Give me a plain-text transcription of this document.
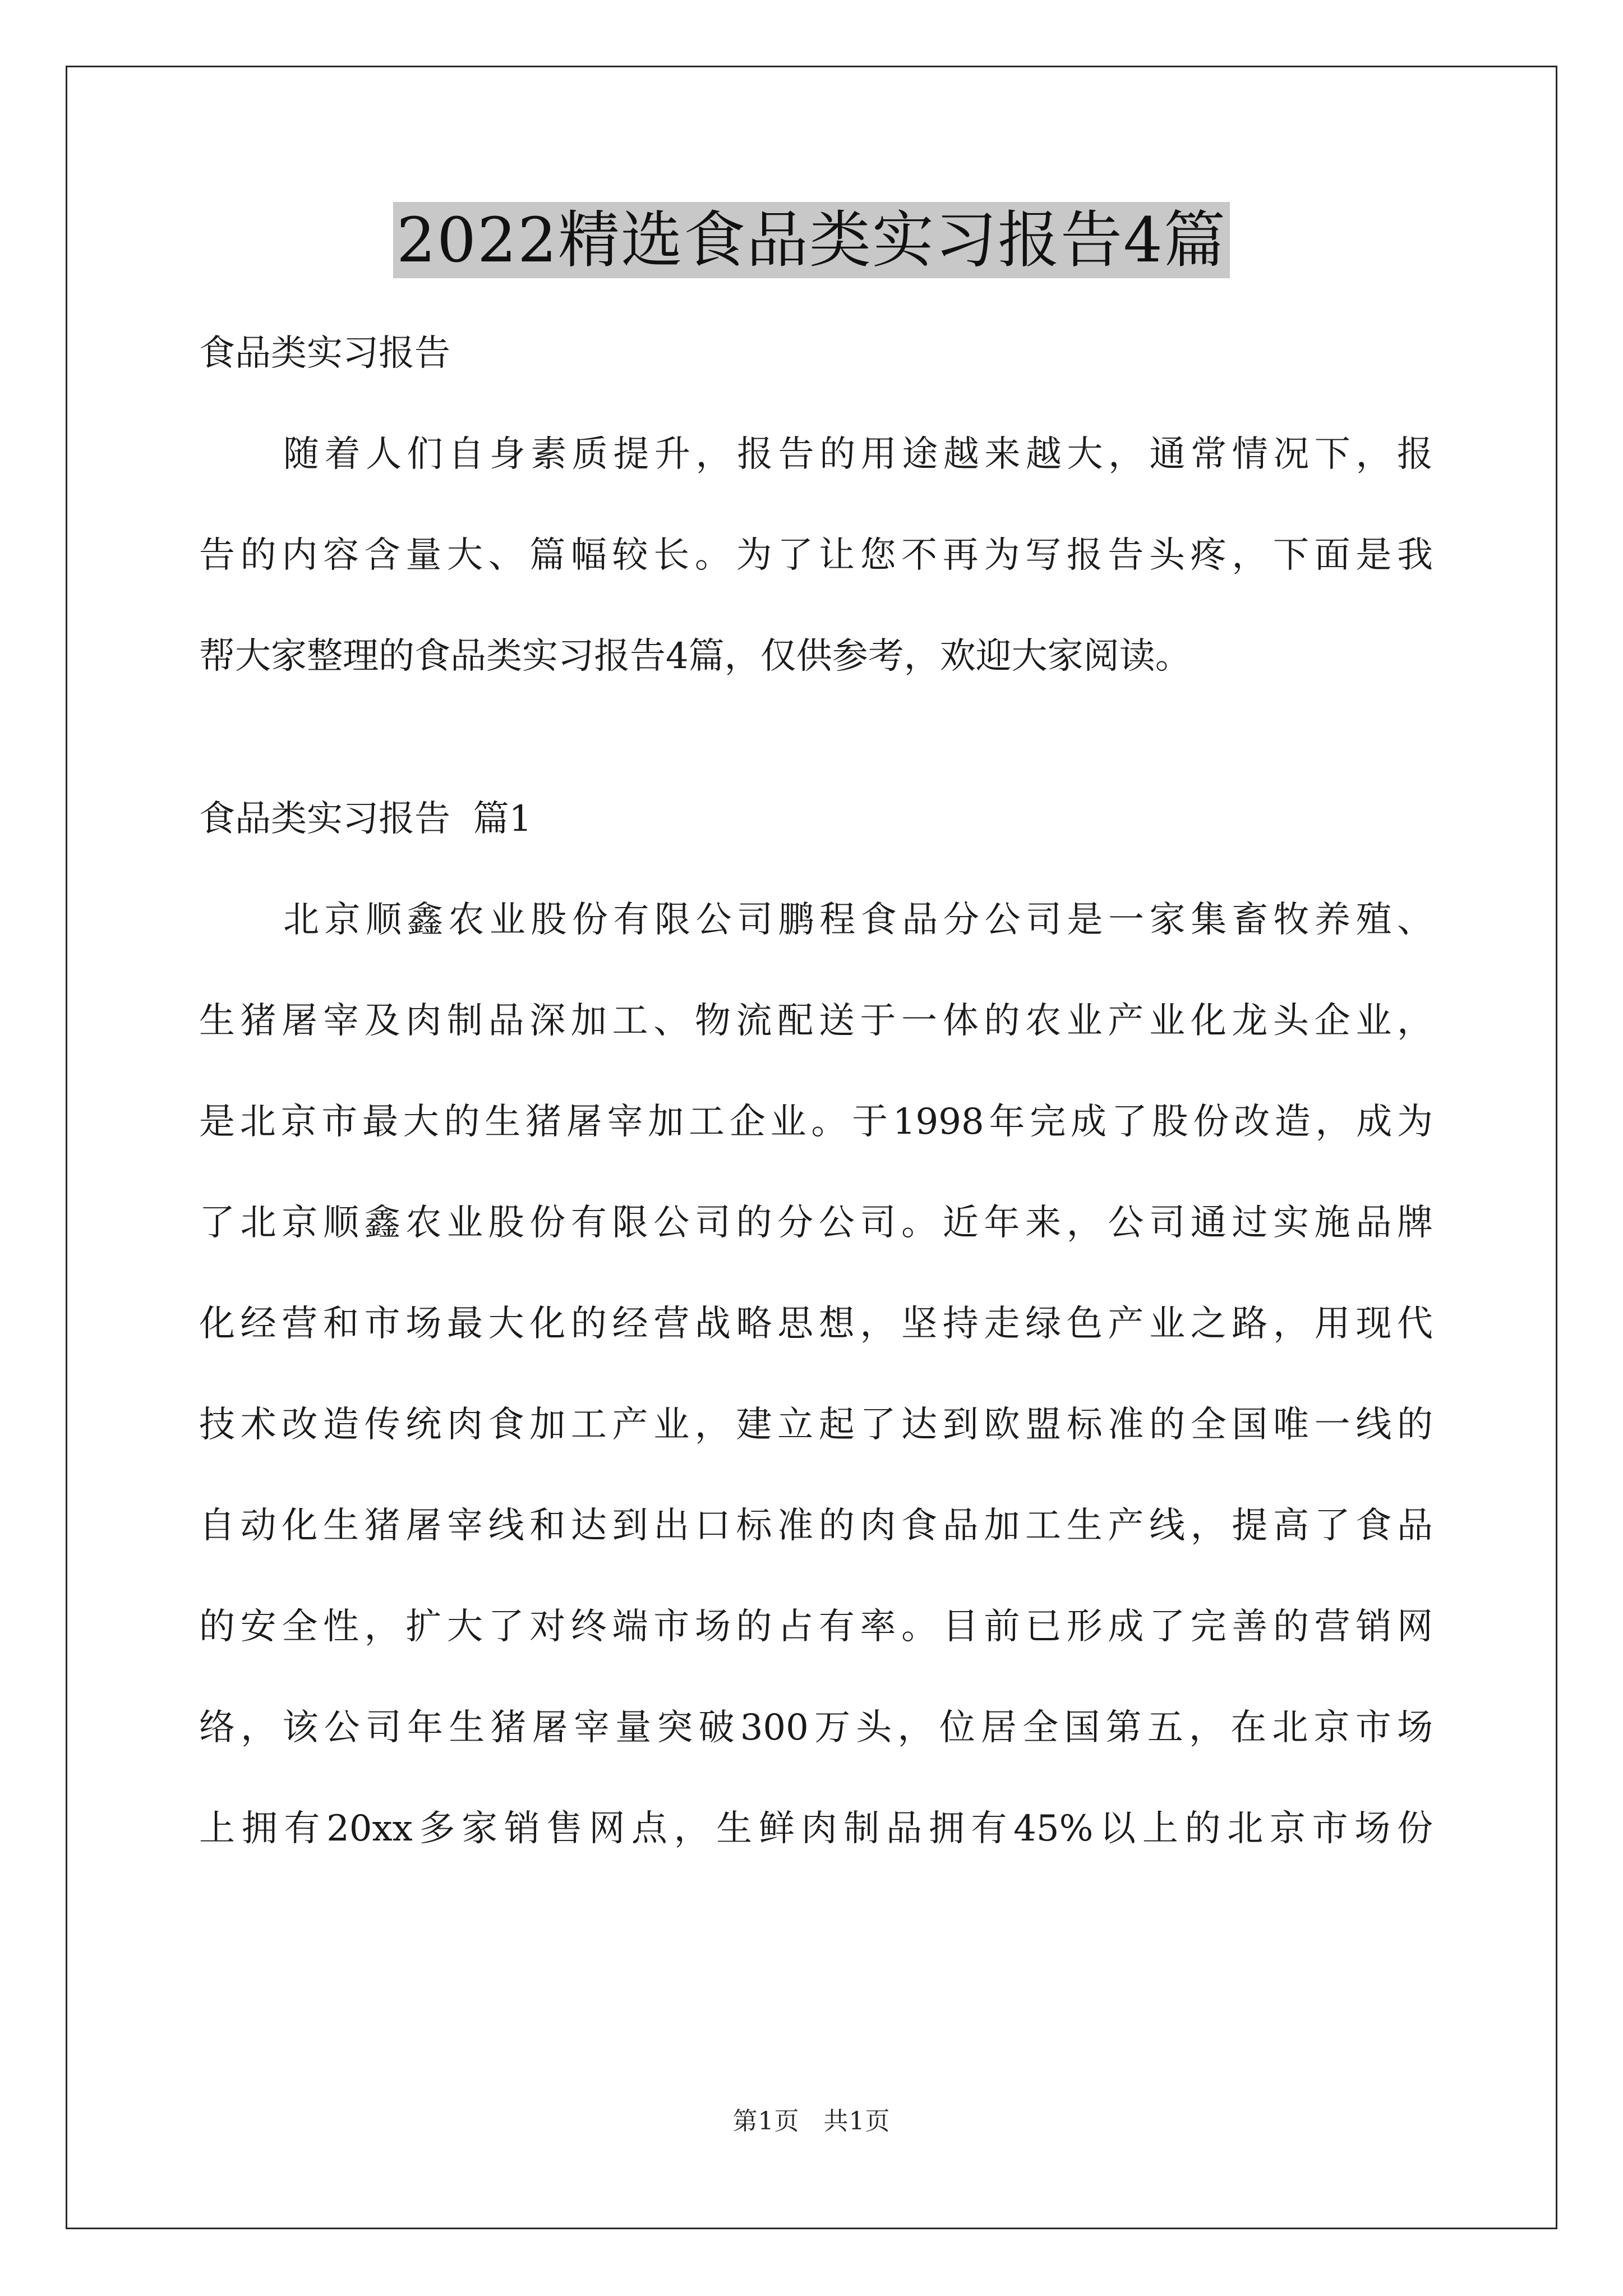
2022精选食品类实习报告4篇
食品类实习报告
随着人们自身素质提升，报告的用途越来越大，通常情况下，报
告的内容含量大、篇幅较长。为了让您不再为写报告头疼，下面是我
帮大家整理的食品类实习报告4篇，仅供参考，欢迎大家阅读。
食品类实习报告  篇1
北京顺鑫农业股份有限公司鹏程食品分公司是一家集畜牧养殖、
生猪屠宰及肉制品深加工、物流配送于一体的农业产业化龙头企业，
是北京市最大的生猪屠宰加工企业。于1998年完成了股份改造，成为
了北京顺鑫农业股份有限公司的分公司。近年来，公司通过实施品牌
化经营和市场最大化的经营战略思想，坚持走绿色产业之路，用现代
技术改造传统肉食加工产业，建立起了达到欧盟标准的全国唯一线的
自动化生猪屠宰线和达到出口标准的肉食品加工生产线，提高了食品
的安全性，扩大了对终端市场的占有率。目前已形成了完善的营销网
络，该公司年生猪屠宰量突破300万头，位居全国第五，在北京市场
上拥有20xx多家销售网点，生鲜肉制品拥有45%以上的北京市场份
第1页 共1页
